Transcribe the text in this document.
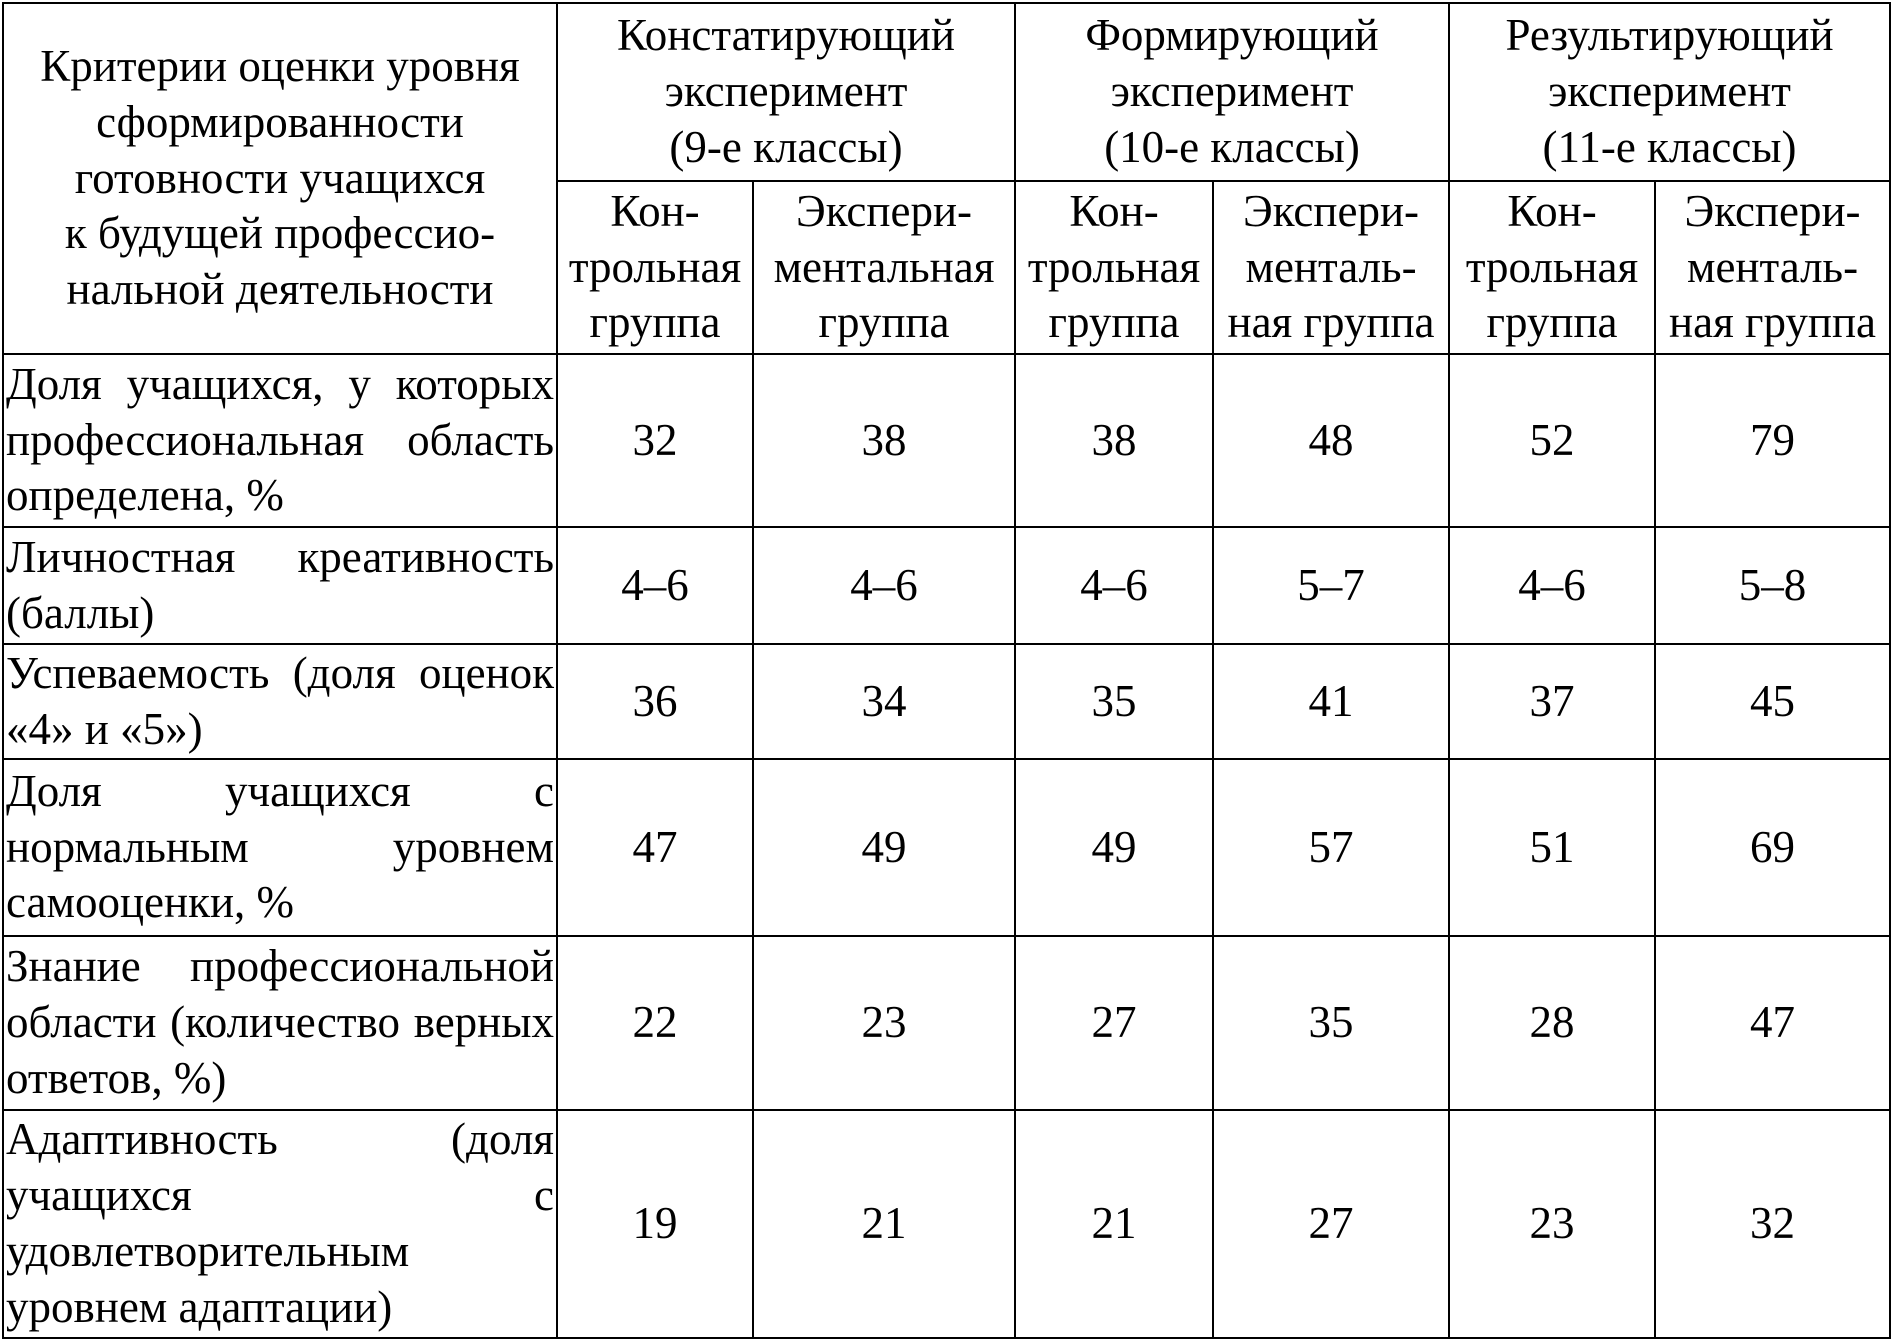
Критерии оценки уровня
сформированности
готовности учащихся
к будущей профессио-
нальной деятельности	Констатирующий
эксперимент
(9-е классы)		Формирующий
эксперимент
(10-е классы)		Результирующий
эксперимент
(11-е классы)	
	Кон-
трольная
группа	Экспери-
ментальная
группа	Кон-
трольная
группа	Экспери-
менталь-
ная группа	Кон-
трольная
группа	Экспери-
менталь-
ная группа
Доля учащихся, у которых профессиональная область определена, %	32	38	38	48	52	79
Личностная креативность (баллы)	4–6	4–6	4–6	5–7	4–6	5–8
Успеваемость (доля оценок «4» и «5»)	36	34	35	41	37	45
Доля учащихся с нормальным уровнем самооценки, %	47	49	49	57	51	69
Знание профессиональной области (количество верных ответов, %)	22	23	27	35	28	47
Адаптивность (доля учащихся с удовлетворительным уровнем адаптации)	19	21	21	27	23	32
